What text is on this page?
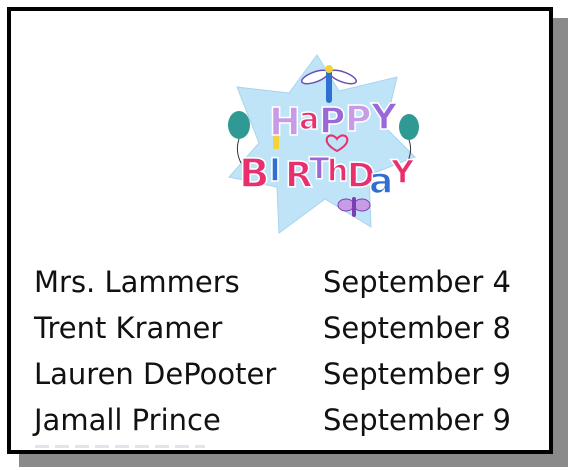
H
a P P Y
B I R
T
h
D
a
Y
Mrs. Lammers	September 4
Trent Kramer	September 8
Lauren DePooter September 9
Jamall Prince	September 9
